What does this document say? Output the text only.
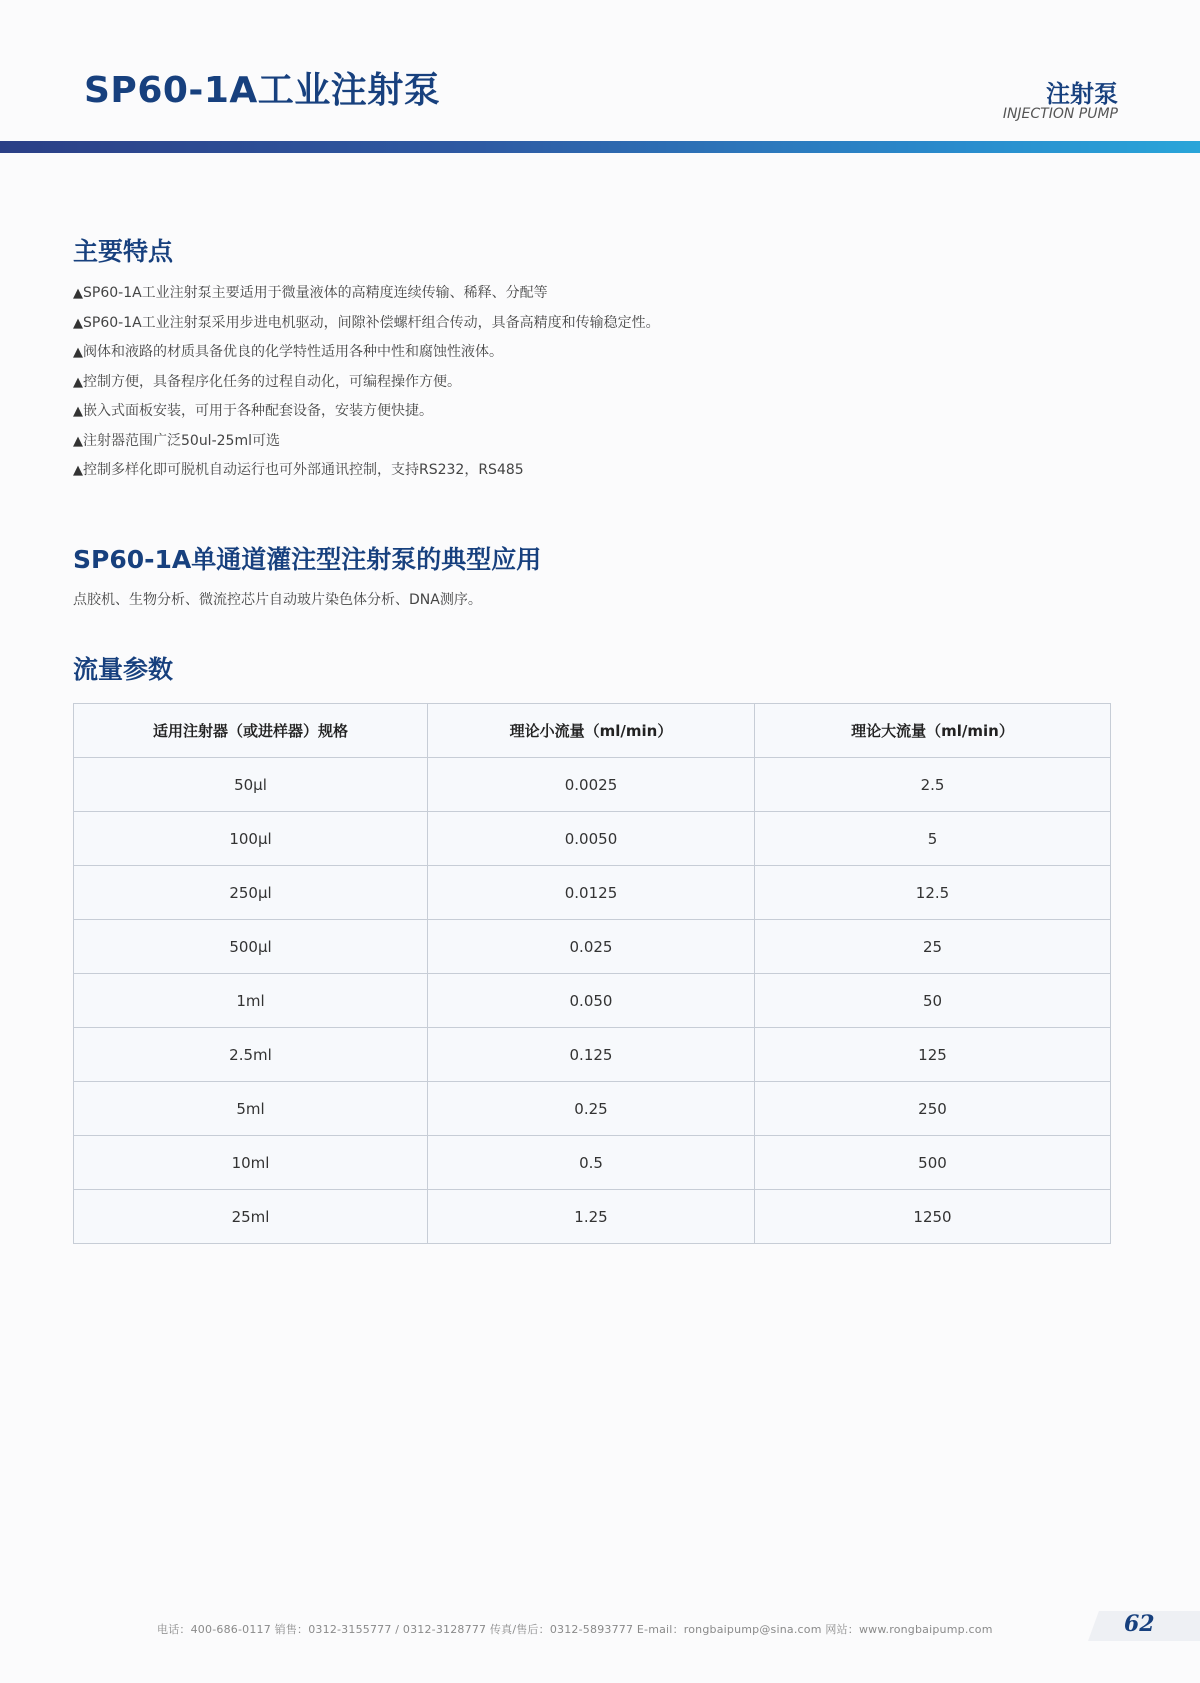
SP60-1A工业注射泵	注射泵
INJECTION PUMP
主要特点
▲SP60-1A工业注射泵主要适用于微量液体的高精度连续传输、稀释、分配等
▲SP60-1A工业注射泵采用步进电机驱动，间隙补偿螺杆组合传动，具备高精度和传输稳定性。
▲阀体和液路的材质具备优良的化学特性适用各种中性和腐蚀性液体。
▲控制方便，具备程序化任务的过程自动化，可编程操作方便。
▲嵌入式面板安装，可用于各种配套设备，安装方便快捷。
▲注射器范围广泛50ul-25ml可选
▲控制多样化即可脱机自动运行也可外部通讯控制，支持RS232，RS485
SP60-1A单通道灌注型注射泵的典型应用
点胶机、生物分析、微流控芯片自动玻片染色体分析、DNA测序。
流量参数
适用注射器（或进样器）规格	理论小流量（ml/min）	理论大流量（ml/min）
50μl	0.0025	2.5
100μl	0.0050	5
250μl	0.0125	12.5
500μl	0.025	25
1ml	0.050	50
2.5ml	0.125	125
5ml	0.25	250
10ml	0.5	500
25ml	1.25	1250
电话：400-686-0117 销售：0312-3155777 / 0312-3128777 传真/售后：0312-5893777 E-mail：rongbaipump@sina.com 网站：www.rongbaipump.com	62
